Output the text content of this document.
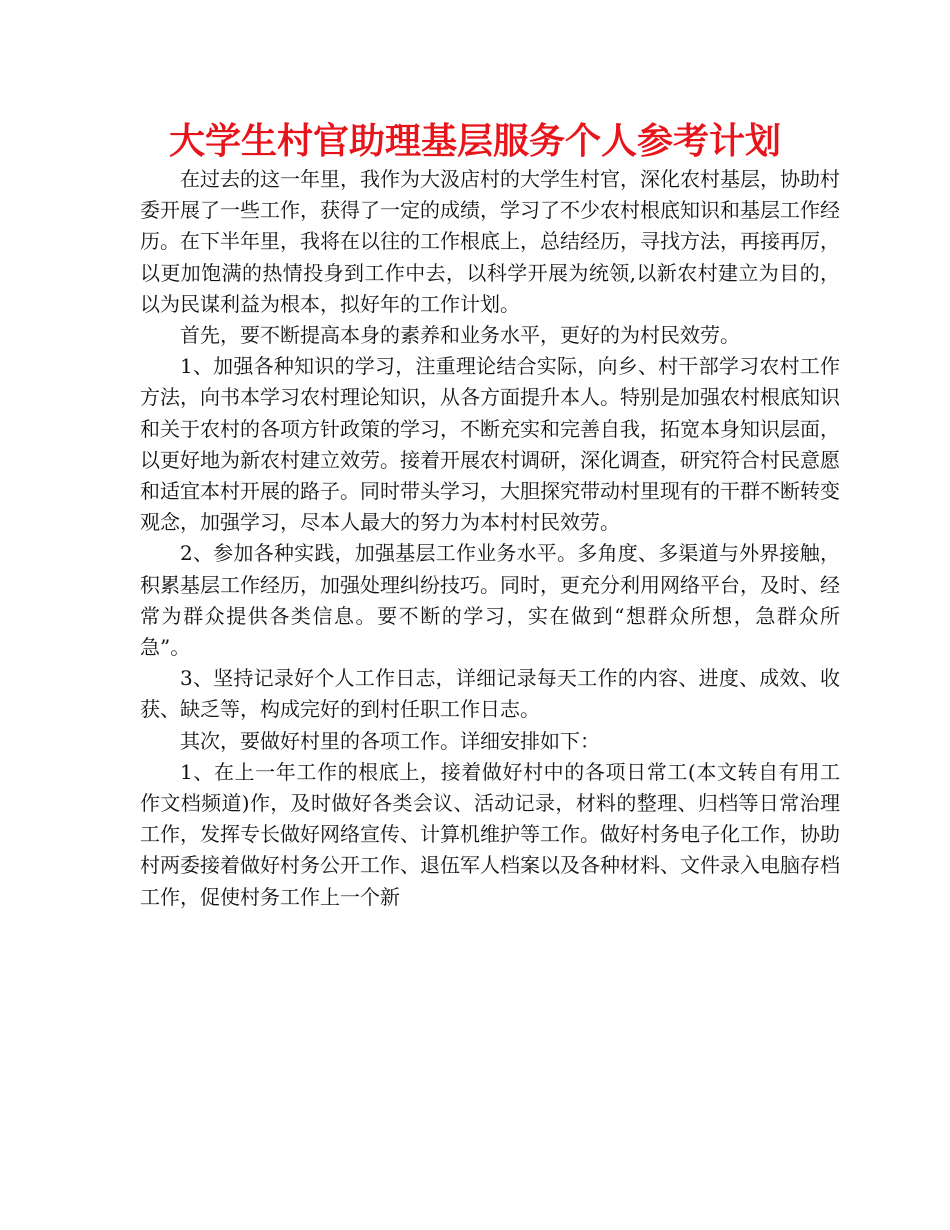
大学生村官助理基层服务个人参考计划

在过去的这一年里，我作为大汲店村的大学生村官，深化农村基层，协助村委开展了一些工作，获得了一定的成绩，学习了不少农村根底知识和基层工作经历。在下半年里，我将在以往的工作根底上，总结经历，寻找方法，再接再厉，以更加饱满的热情投身到工作中去，以科学开展为统领,以新农村建立为目的，以为民谋利益为根本，拟好年的工作计划。

首先，要不断提高本身的素养和业务水平，更好的为村民效劳。

1、加强各种知识的学习，注重理论结合实际，向乡、村干部学习农村工作方法，向书本学习农村理论知识，从各方面提升本人。特别是加强农村根底知识和关于农村的各项方针政策的学习，不断充实和完善自我，拓宽本身知识层面，以更好地为新农村建立效劳。接着开展农村调研，深化调查，研究符合村民意愿和适宜本村开展的路子。同时带头学习，大胆探究带动村里现有的干群不断转变观念，加强学习，尽本人最大的努力为本村村民效劳。

2、参加各种实践，加强基层工作业务水平。多角度、多渠道与外界接触，积累基层工作经历，加强处理纠纷技巧。同时，更充分利用网络平台，及时、经常为群众提供各类信息。要不断的学习，实在做到“想群众所想，急群众所急”。

3、坚持记录好个人工作日志，详细记录每天工作的内容、进度、成效、收获、缺乏等，构成完好的到村任职工作日志。

其次，要做好村里的各项工作。详细安排如下：

1、在上一年工作的根底上，接着做好村中的各项日常工(本文转自有用工作文档频道)作，及时做好各类会议、活动记录，材料的整理、归档等日常治理工作，发挥专长做好网络宣传、计算机维护等工作。做好村务电子化工作，协助村两委接着做好村务公开工作、退伍军人档案以及各种材料、文件录入电脑存档工作，促使村务工作上一个新
